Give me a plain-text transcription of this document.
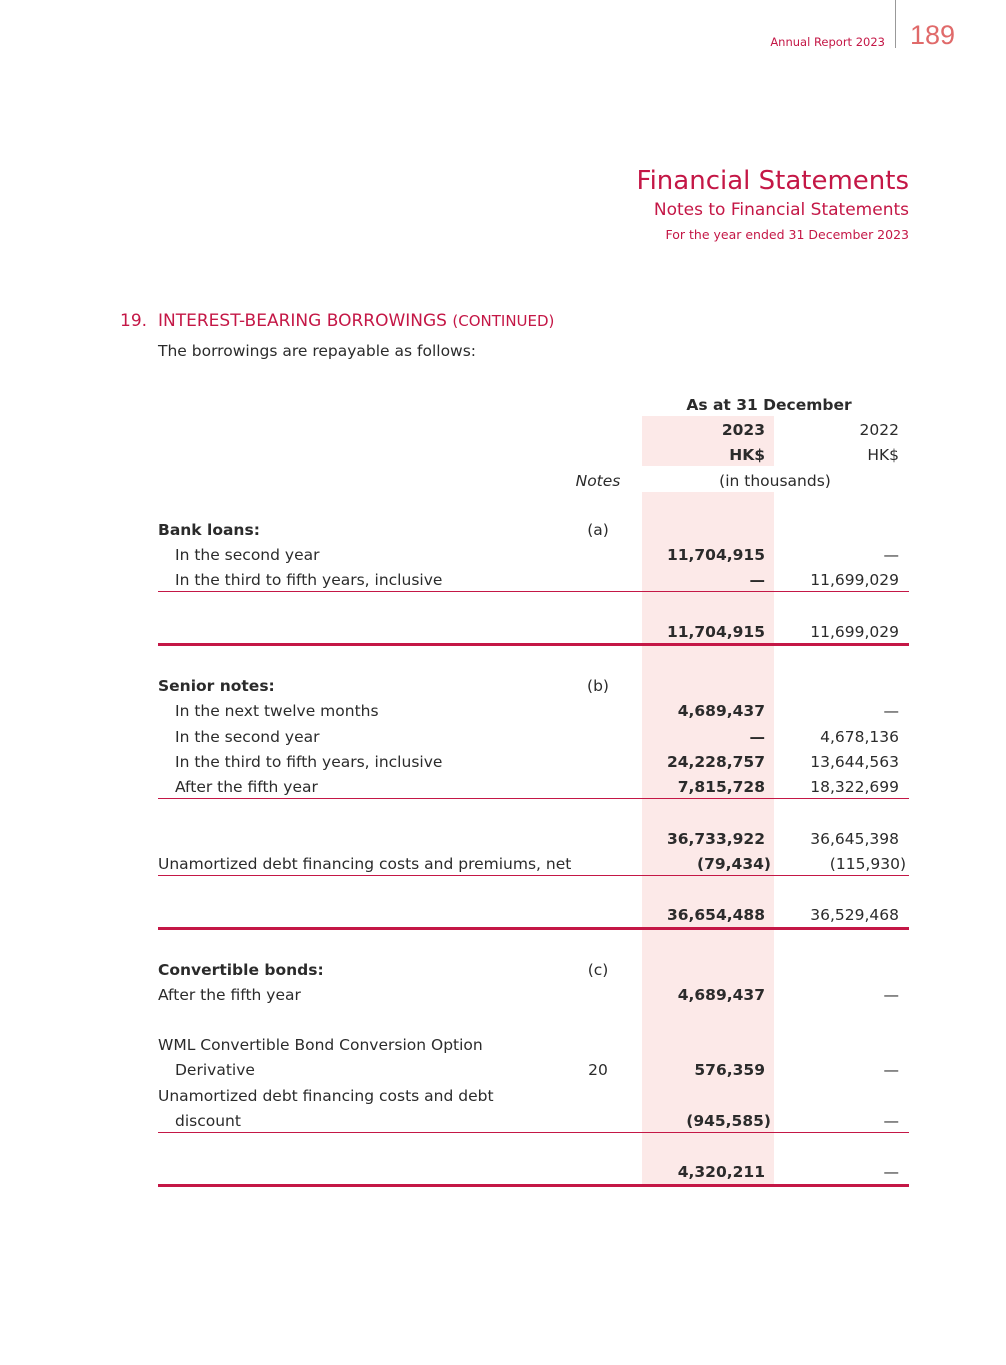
Annual Report 2023 189
Financial Statements
Notes to Financial Statements
For the year ended 31 December 2023
19. INTEREST-BEARING BORROWINGS (CONTINUED)
The borrowings are repayable as follows:
As at 31 December
2023	2022
HK$	HK$
Notes	(in thousands)
Bank loans:	(a)
In the second year	11,704,915	—
In the third to fifth years, inclusive	—	11,699,029
11,704,915	11,699,029
Senior notes:	(b)
In the next twelve months	4,689,437	—
In the second year	—	4,678,136
In the third to fifth years, inclusive	24,228,757	13,644,563
After the fifth year	7,815,728	18,322,699
36,733,922	36,645,398
Unamortized debt financing costs and premiums, net	(79,434)	(115,930)
36,654,488	36,529,468
Convertible bonds:	(c)
After the fifth year	4,689,437	—
WML Convertible Bond Conversion Option
Derivative	20	576,359	—
Unamortized debt financing costs and debt
discount	(945,585)	—
4,320,211	—
